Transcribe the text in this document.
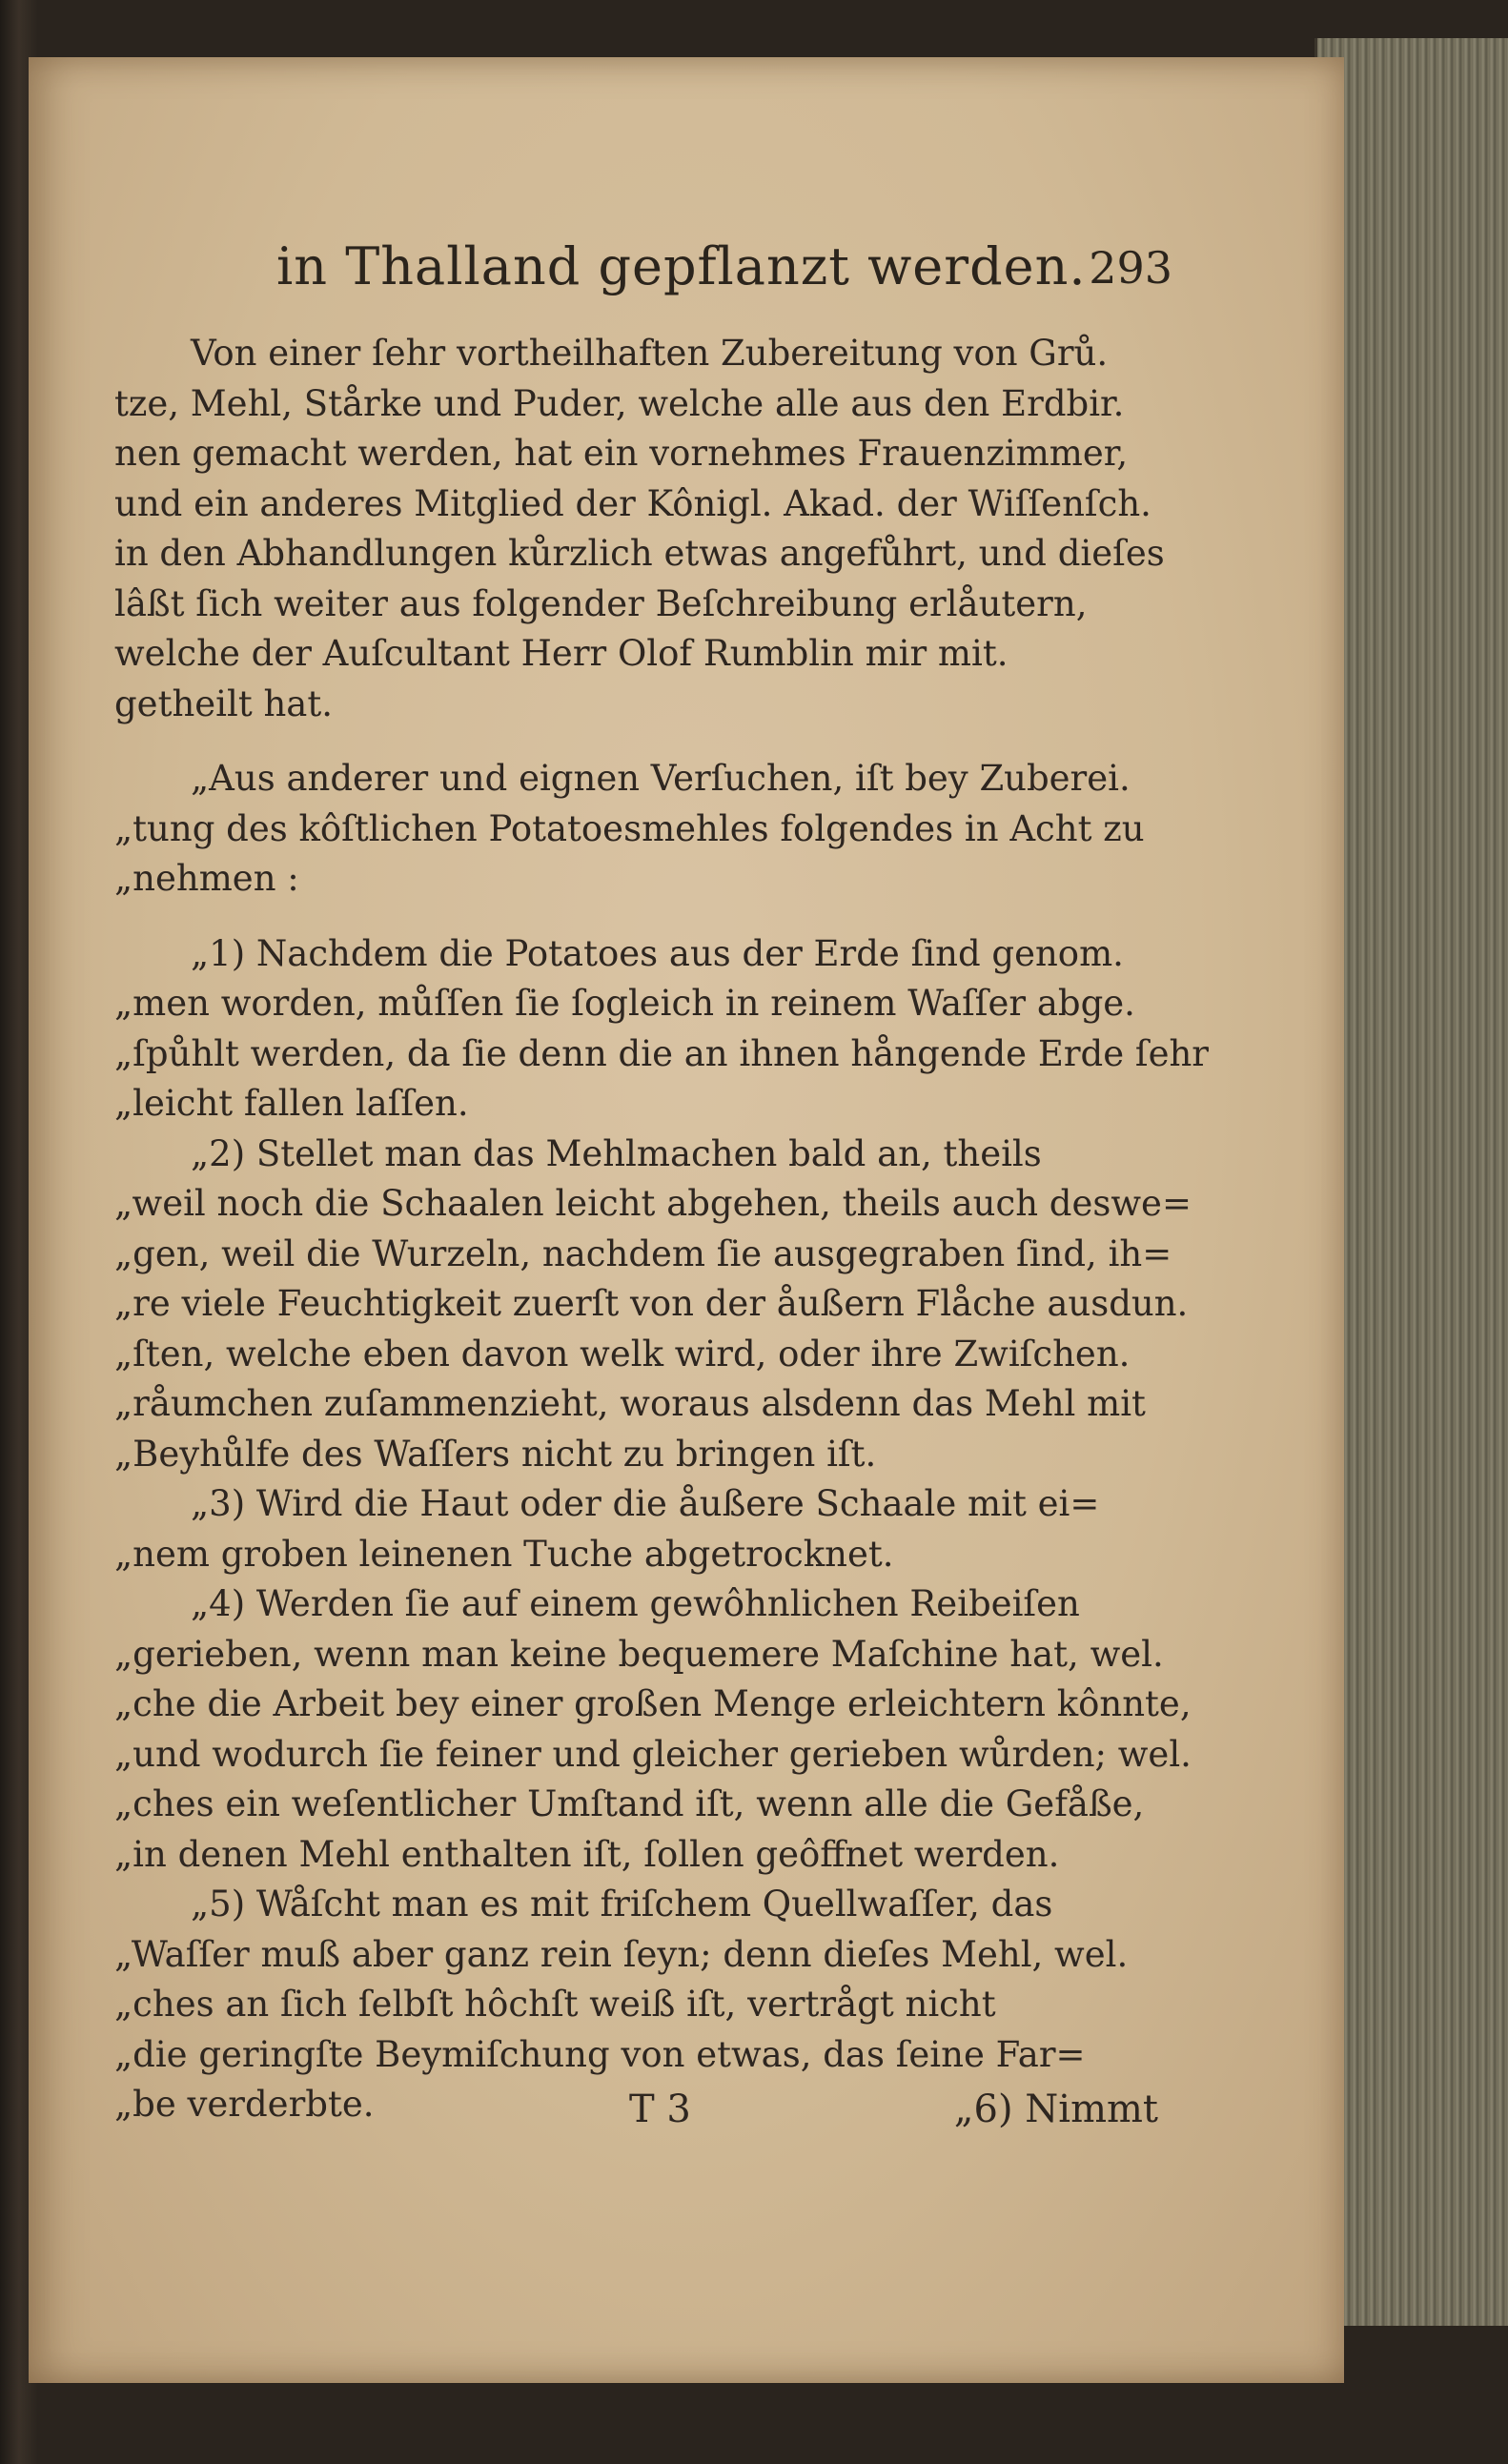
in Thalland gepflanzt werden. 293
Von einer ſehr vortheilhaften Zubereitung von Grů.
tze, Mehl, Stårke und Puder, welche alle aus den Erdbir.
nen gemacht werden, hat ein vornehmes Frauenzimmer,
und ein anderes Mitglied der Kônigl. Akad. der Wiſſenſch.
in den Abhandlungen kůrzlich etwas angefůhrt, und dieſes
lâßt ſich weiter aus folgender Beſchreibung erlåutern,
welche der Auſcultant Herr Olof Rumblin mir mit.
getheilt hat.
„Aus anderer und eignen Verſuchen, iſt bey Zuberei.
„tung des kôſtlichen Potatoesmehles folgendes in Acht zu
„nehmen :
„1) Nachdem die Potatoes aus der Erde ſind genom.
„men worden, můſſen ſie ſogleich in reinem Waſſer abge.
„ſpůhlt werden, da ſie denn die an ihnen hångende Erde ſehr
„leicht fallen laſſen.
„2) Stellet man das Mehlmachen bald an, theils
„weil noch die Schaalen leicht abgehen, theils auch deswe=
„gen, weil die Wurzeln, nachdem ſie ausgegraben ſind, ih=
„re viele Feuchtigkeit zuerſt von der åußern Flåche ausdun.
„ſten, welche eben davon welk wird, oder ihre Zwiſchen.
„råumchen zuſammenzieht, woraus alsdenn das Mehl mit
„Beyhůlfe des Waſſers nicht zu bringen iſt.
„3) Wird die Haut oder die åußere Schaale mit ei=
„nem groben leinenen Tuche abgetrocknet.
„4) Werden ſie auf einem gewôhnlichen Reibeiſen
„gerieben, wenn man keine bequemere Maſchine hat, wel.
„che die Arbeit bey einer großen Menge erleichtern kônnte,
„und wodurch ſie feiner und gleicher gerieben wůrden; wel.
„ches ein weſentlicher Umſtand iſt, wenn alle die Gefåße,
„in denen Mehl enthalten iſt, ſollen geôffnet werden.
„5) Wåſcht man es mit friſchem Quellwaſſer, das
„Waſſer muß aber ganz rein ſeyn; denn dieſes Mehl, wel.
„ches an ſich ſelbſt hôchſt weiß iſt, vertrågt nicht
„die geringſte Beymiſchung von etwas, das ſeine Far=
„be verderbte.	T 3	„6) Nimmt
